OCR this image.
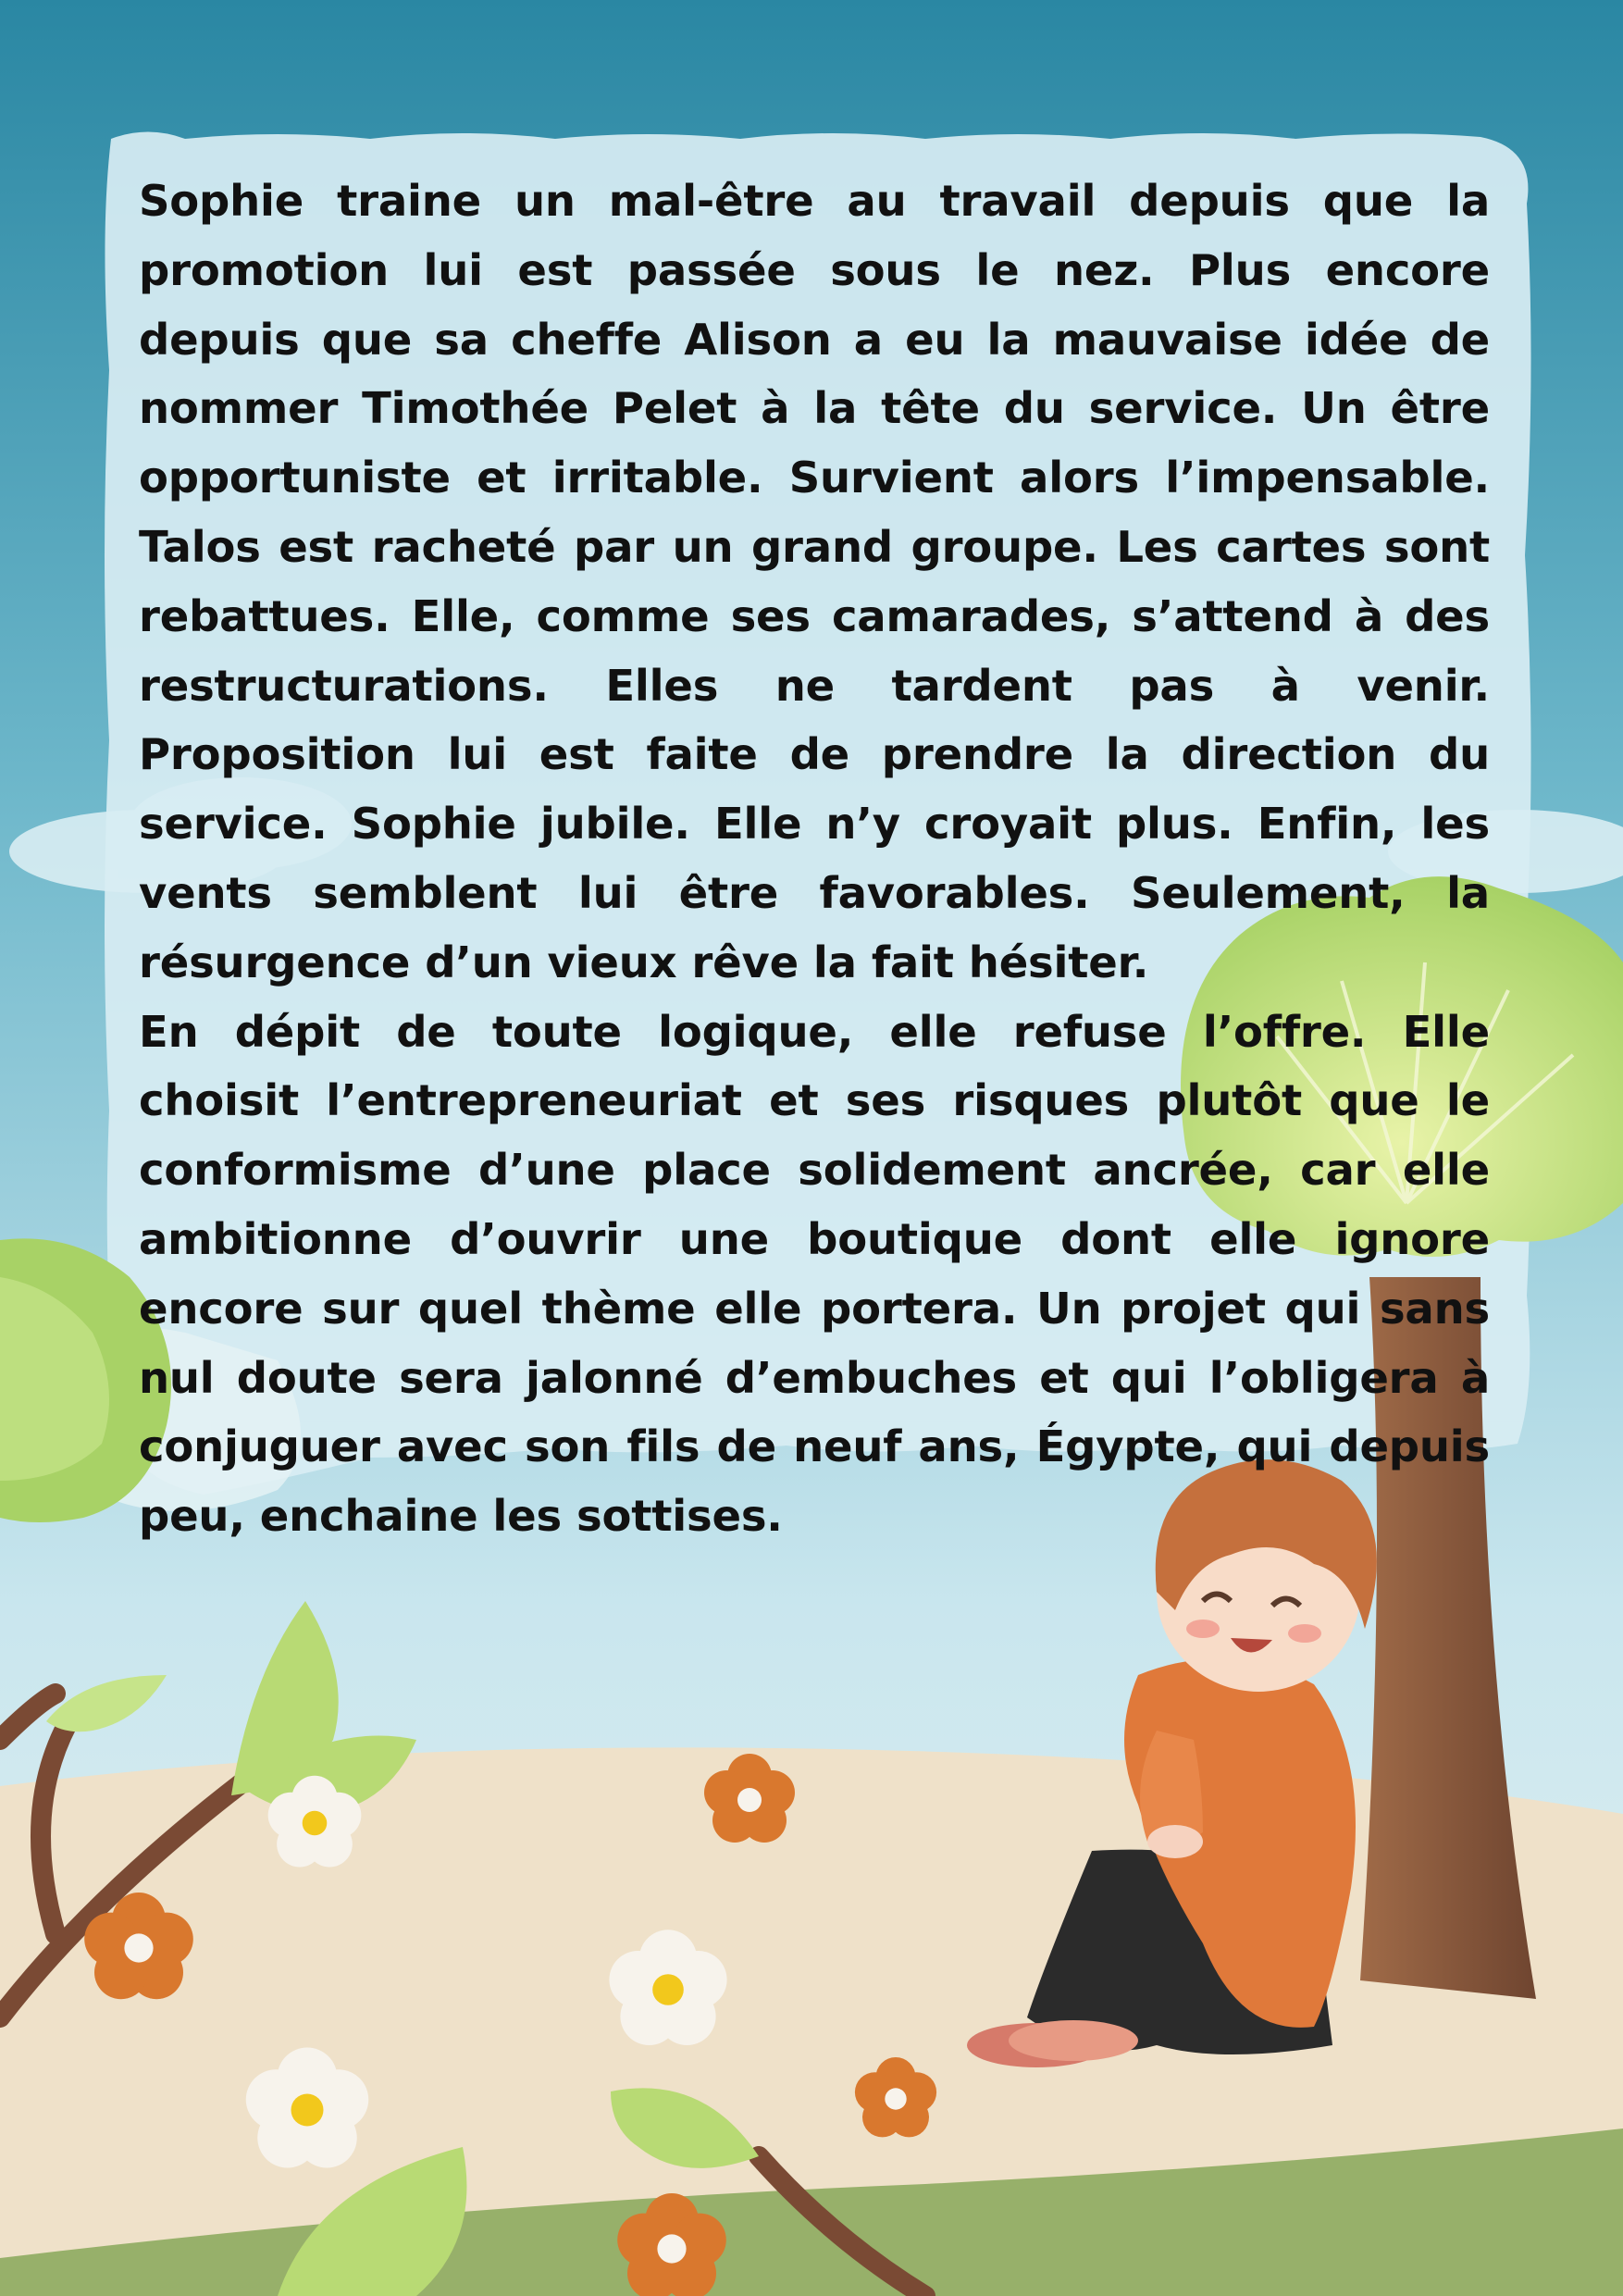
Sophie traine un mal-être au travail depuis que la promotion lui est passée sous le nez. Plus encore depuis que sa cheffe Alison a eu la mauvaise idée de nommer Timothée Pelet à la tête du service. Un être opportuniste et irritable. Survient alors l’impensable. Talos est racheté par un grand groupe. Les cartes sont rebattues. Elle, comme ses camarades, s’attend à des restructurations. Elles ne tardent pas à venir. Proposition lui est faite de prendre la direction du service. Sophie jubile. Elle n’y croyait plus. Enfin, les vents semblent lui être favorables. Seulement, la résurgence d’un vieux rêve la fait hésiter.

En dépit de toute logique, elle refuse l’offre. Elle choisit l’entrepreneuriat et ses risques plutôt que le conformisme d’une place solidement ancrée, car elle ambitionne d’ouvrir une boutique dont elle ignore encore sur quel thème elle portera. Un projet qui sans nul doute sera jalonné d’embuches et qui l’obligera à conjuguer avec son fils de neuf ans, Égypte, qui depuis peu, enchaine les sottises.
